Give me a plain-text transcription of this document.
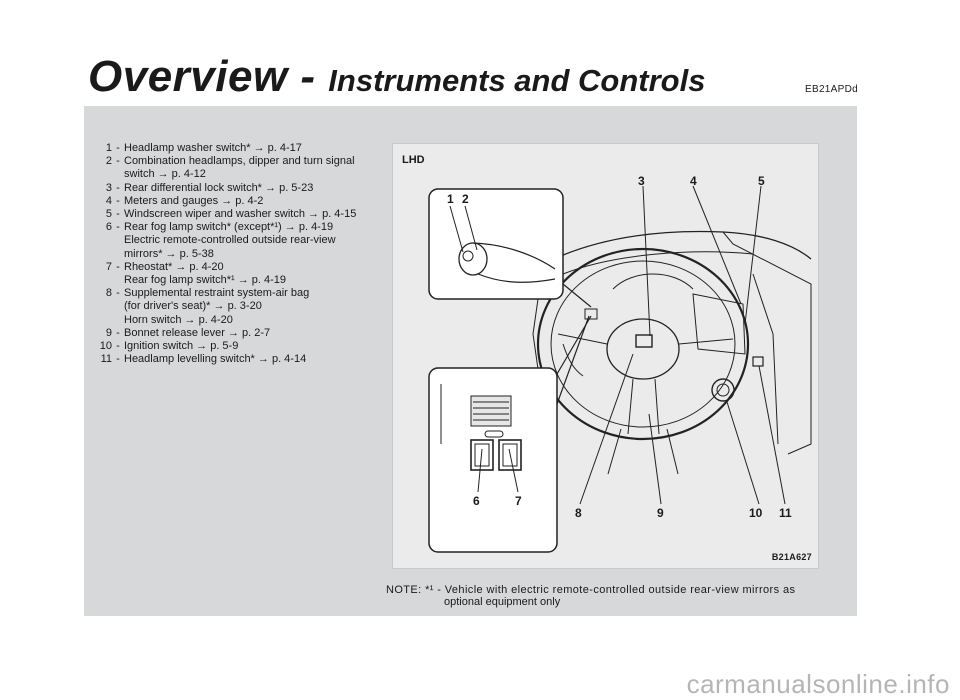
Overview - Instruments and Controls	EB21APDd
1 - Headlamp washer switch* → p. 4-17
2 - Combination headlamps, dipper and turn signal
switch → p. 4-12
3 - Rear differential lock switch* → p. 5-23
4 - Meters and gauges → p. 4-2
5 - Windscreen wiper and washer switch → p. 4-15
6 - Rear fog lamp switch* (except*¹) → p. 4-19
Electric remote-controlled outside rear-view
mirrors* → p. 5-38
7 - Rheostat* → p. 4-20
Rear fog lamp switch*¹ → p. 4-19
8 - Supplemental restraint system-air bag
(for driver's seat)* → p. 3-20
Horn switch → p. 4-20
9 - Bonnet release lever → p. 2-7
10 - Ignition switch → p. 5-9
11 - Headlamp levelling switch* → p. 4-14
LHD
1 2
3	4	5
6	7
8	9	10 11
B21A627
NOTE: *¹ - Vehicle with electric remote-controlled outside rear-view mirrors as
optional equipment only
carmanualsonline.info
